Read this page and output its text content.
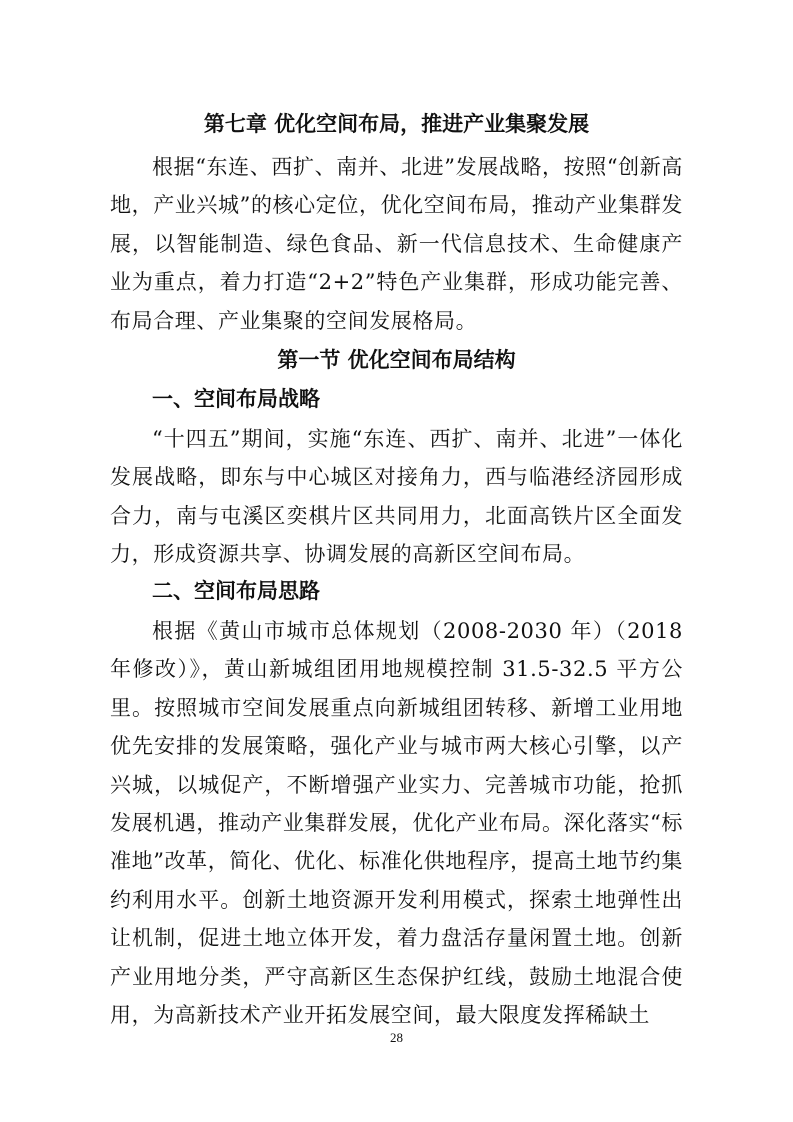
第七章 优化空间布局，推进产业集聚发展

根据“东连、西扩、南并、北进”发展战略，按照“创新高地，产业兴城”的核心定位，优化空间布局，推动产业集群发展，以智能制造、绿色食品、新一代信息技术、生命健康产业为重点，着力打造“2+2”特色产业集群，形成功能完善、布局合理、产业集聚的空间发展格局。

第一节 优化空间布局结构
一、空间布局战略

“十四五”期间，实施“东连、西扩、南并、北进”一体化发展战略，即东与中心城区对接角力，西与临港经济园形成合力，南与屯溪区奕棋片区共同用力，北面高铁片区全面发力，形成资源共享、协调发展的高新区空间布局。

二、空间布局思路

根据《黄山市城市总体规划（2008-2030 年）（2018 年修改）》，黄山新城组团用地规模控制 31.5-32.5 平方公里。按照城市空间发展重点向新城组团转移、新增工业用地优先安排的发展策略，强化产业与城市两大核心引擎，以产兴城，以城促产，不断增强产业实力、完善城市功能，抢抓发展机遇，推动产业集群发展，优化产业布局。深化落实“标准地”改革，简化、优化、标准化供地程序，提高土地节约集约利用水平。创新土地资源开发利用模式，探索土地弹性出让机制，促进土地立体开发，着力盘活存量闲置土地。创新产业用地分类，严守高新区生态保护红线，鼓励土地混合使用，为高新技术产业开拓发展空间，最大限度发挥稀缺土

28
